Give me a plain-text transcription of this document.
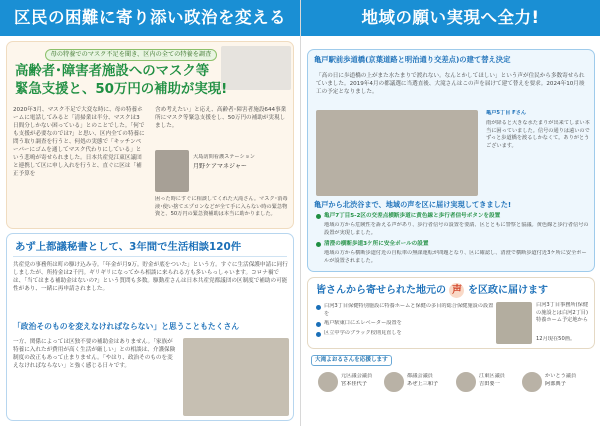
区民の困難に寄り添い政治を変える
母の特養でのマスク不足を聞き、区内の全ての特養を調査
高齢者･障害者施設へのマスク等
緊急支援と、50万円の補助が実現!
2020年3月、マスク不足で大変な時に、母の特養ホームに電話してみると「清掃業は半分、マスクは3日間分しかない困っている」とのことでした。「何でも支援が必要なのでは?」と思い、区内全ての特養に問う取り調査を行うと、何処の実態で「キッチンペーパーにゴムを通してマスク代わりにしている」という悲鳴が寄せられました。日本共産党江東区議団と連携して区に申し入れを行うと、直ぐに区は「補正予算を
含め考えたい」と応え、高齢者･障害者施設644事業所にマスク等緊急支援をし、50万円の補助が実現しました。
大島訪問看護ステーション
月野ケアマネジャー
困った時にすぐに相談してくれた大滝さん。マスク･消毒液･使い捨てエプロンなどが全て手に入らない時の緊急物資と、50万円の緊急資補助は本当に助かりました。
あず上都議秘書として、3年間で生活相談120件
共産党の事務所は町の駆け込み寺。「年金が月9万。貯金が底をついた」という方。すぐに生活保護申請に同行しましたが、所持金は2千円。ギリギリになってから相談に来られる方も多いらっしゃいます。コロナ禍では、「当てはまる補助金はないの?」という質問も多数。駆動産さんは日本共産党都議団の区制度で補助の可能性があり、一緒に再申請されました。
「政治そのものを変えなければならない」と思うこともたくさん
一方、関係によっては区独不要の補助金はありません。「家族が特養に入れたが費用が高く生活が厳しい」との相談は、介護保険制度の改正もあって止まりません。「やはり、政治そのものを変えなければならない」と強く感じる日々です。
地域の願い実現へ全力!
亀戸駅前歩道橋(京葉道路と明治通り交差点)の建て替え決定
「高の日に歩道橋の上がまた水たまりで渡れない。なんとかしてほしい」という声が住民から多数寄せられていました。2019年4月の都議選に当選直後、大滝さんはこの声を届けて建て替えを要求。2024年10月竣工の予定となりました。
亀戸5丁目 Fさん
雨が降ると大きな水たまりが出来てしまい本当に困っていました。信号の通りは遠いのでずっと歩道橋を渡るしかなくて。ありがとうございます。
亀戸から北渋谷まで、地域の声を区に届け実現してきました!
亀戸7丁目5-2区の交差点横断歩道に黄色線と歩行者信号ボタンを設置
地域の方から危険性を訴える声があり、歩行者信号の設置を要請、区とともに警察と協議。黄色線と歩行者信号の設置が実現しました。
清澄の横断歩道3ケ所に安全ポールの設置
地域の方から横断歩道付近の自転車の無謀運転が問題となり、区に確認し、清澄で横断歩道付近3ケ所に安全ポールが設置されました。
皆さんから寄せられた地元の 声 を区政に届けます
白河3丁目保健特別施設に特養ホームと保健の多目的総合保健施設の設置を
亀戸駅東口にエレベーター設置を
区立中学のブラック校則見直しを
白河3丁目事務所(保健の施設とは白河2丁目)特養ホーム予定地から
12月現在50画。
大滝よおるさんを応援します
元区議会議員
宮本佳代子
都議会議員
あぜ上三和子
江東区議員
吉田要一
かいとう議員
阿部典子
